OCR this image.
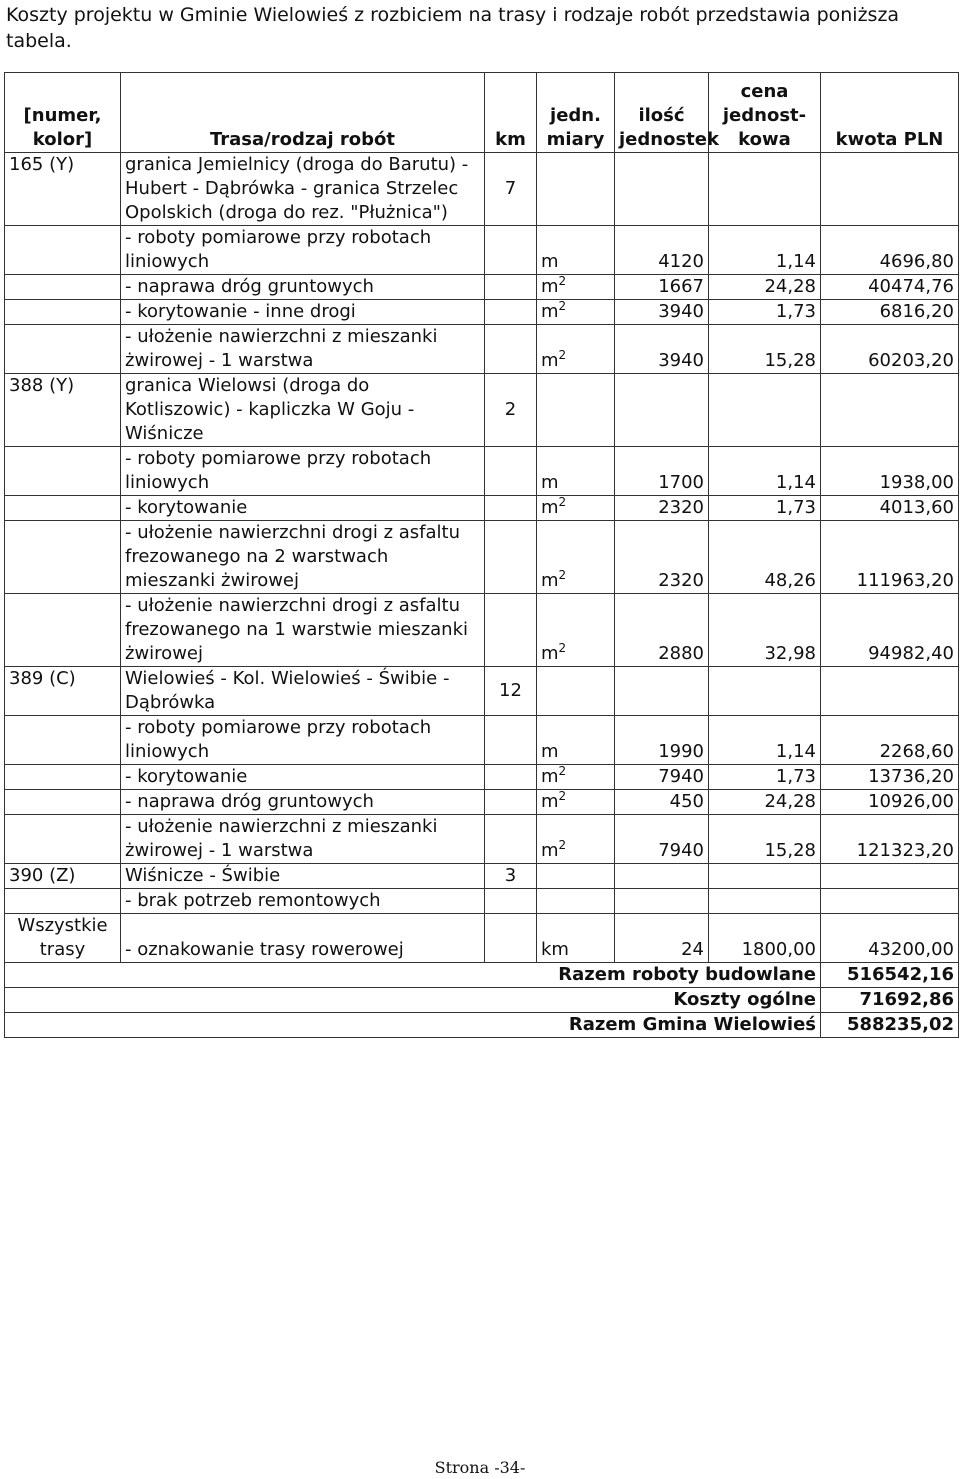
Koszty projektu w Gminie Wielowieś z rozbiciem na trasy i rodzaje robót przedstawia poniższa tabela.
[numer, kolor]	Trasa/rodzaj robót	km	jedn. miary	ilość jednostek	cena jednost-kowa	kwota PLN
165 (Y)	granica Jemielnicy (droga do Barutu) - Hubert - Dąbrówka - granica Strzelec Opolskich (droga do rez. "Płużnica")	7				
	- roboty pomiarowe przy robotach liniowych		m	4120	1,14	4696,80
	- naprawa dróg gruntowych		$m^2$	1667	24,28	40474,76
	- korytowanie - inne drogi		$m^2$	3940	1,73	6816,20
	- ułożenie nawierzchni z mieszanki żwirowej - 1 warstwa		$m^2$	3940	15,28	60203,20
388 (Y)	granica Wielowsi (droga do Kotliszowic) - kapliczka W Goju - Wiśnicze	2				
	- roboty pomiarowe przy robotach liniowych		m	1700	1,14	1938,00
	- korytowanie		$m^2$	2320	1,73	4013,60
	- ułożenie nawierzchni drogi z asfaltu frezowanego na 2 warstwach mieszanki żwirowej		$m^2$	2320	48,26	111963,20
	- ułożenie nawierzchni drogi z asfaltu frezowanego na 1 warstwie mieszanki żwirowej		$m^2$	2880	32,98	94982,40
389 (C)	Wielowieś - Kol. Wielowieś - Świbie - Dąbrówka	12				
	- roboty pomiarowe przy robotach liniowych		m	1990	1,14	2268,60
	- korytowanie		$m^2$	7940	1,73	13736,20
	- naprawa dróg gruntowych		$m^2$	450	24,28	10926,00
	- ułożenie nawierzchni z mieszanki żwirowej - 1 warstwa		$m^2$	7940	15,28	121323,20
390 (Z)	Wiśnicze - Świbie	3				
	- brak potrzeb remontowych					
Wszystkie trasy	- oznakowanie trasy rowerowej		km	24	1800,00	43200,00
Razem roboty budowlane						516542,16
Koszty ogólne						71692,86
Razem Gmina Wielowieś						588235,02
Strona -34-
